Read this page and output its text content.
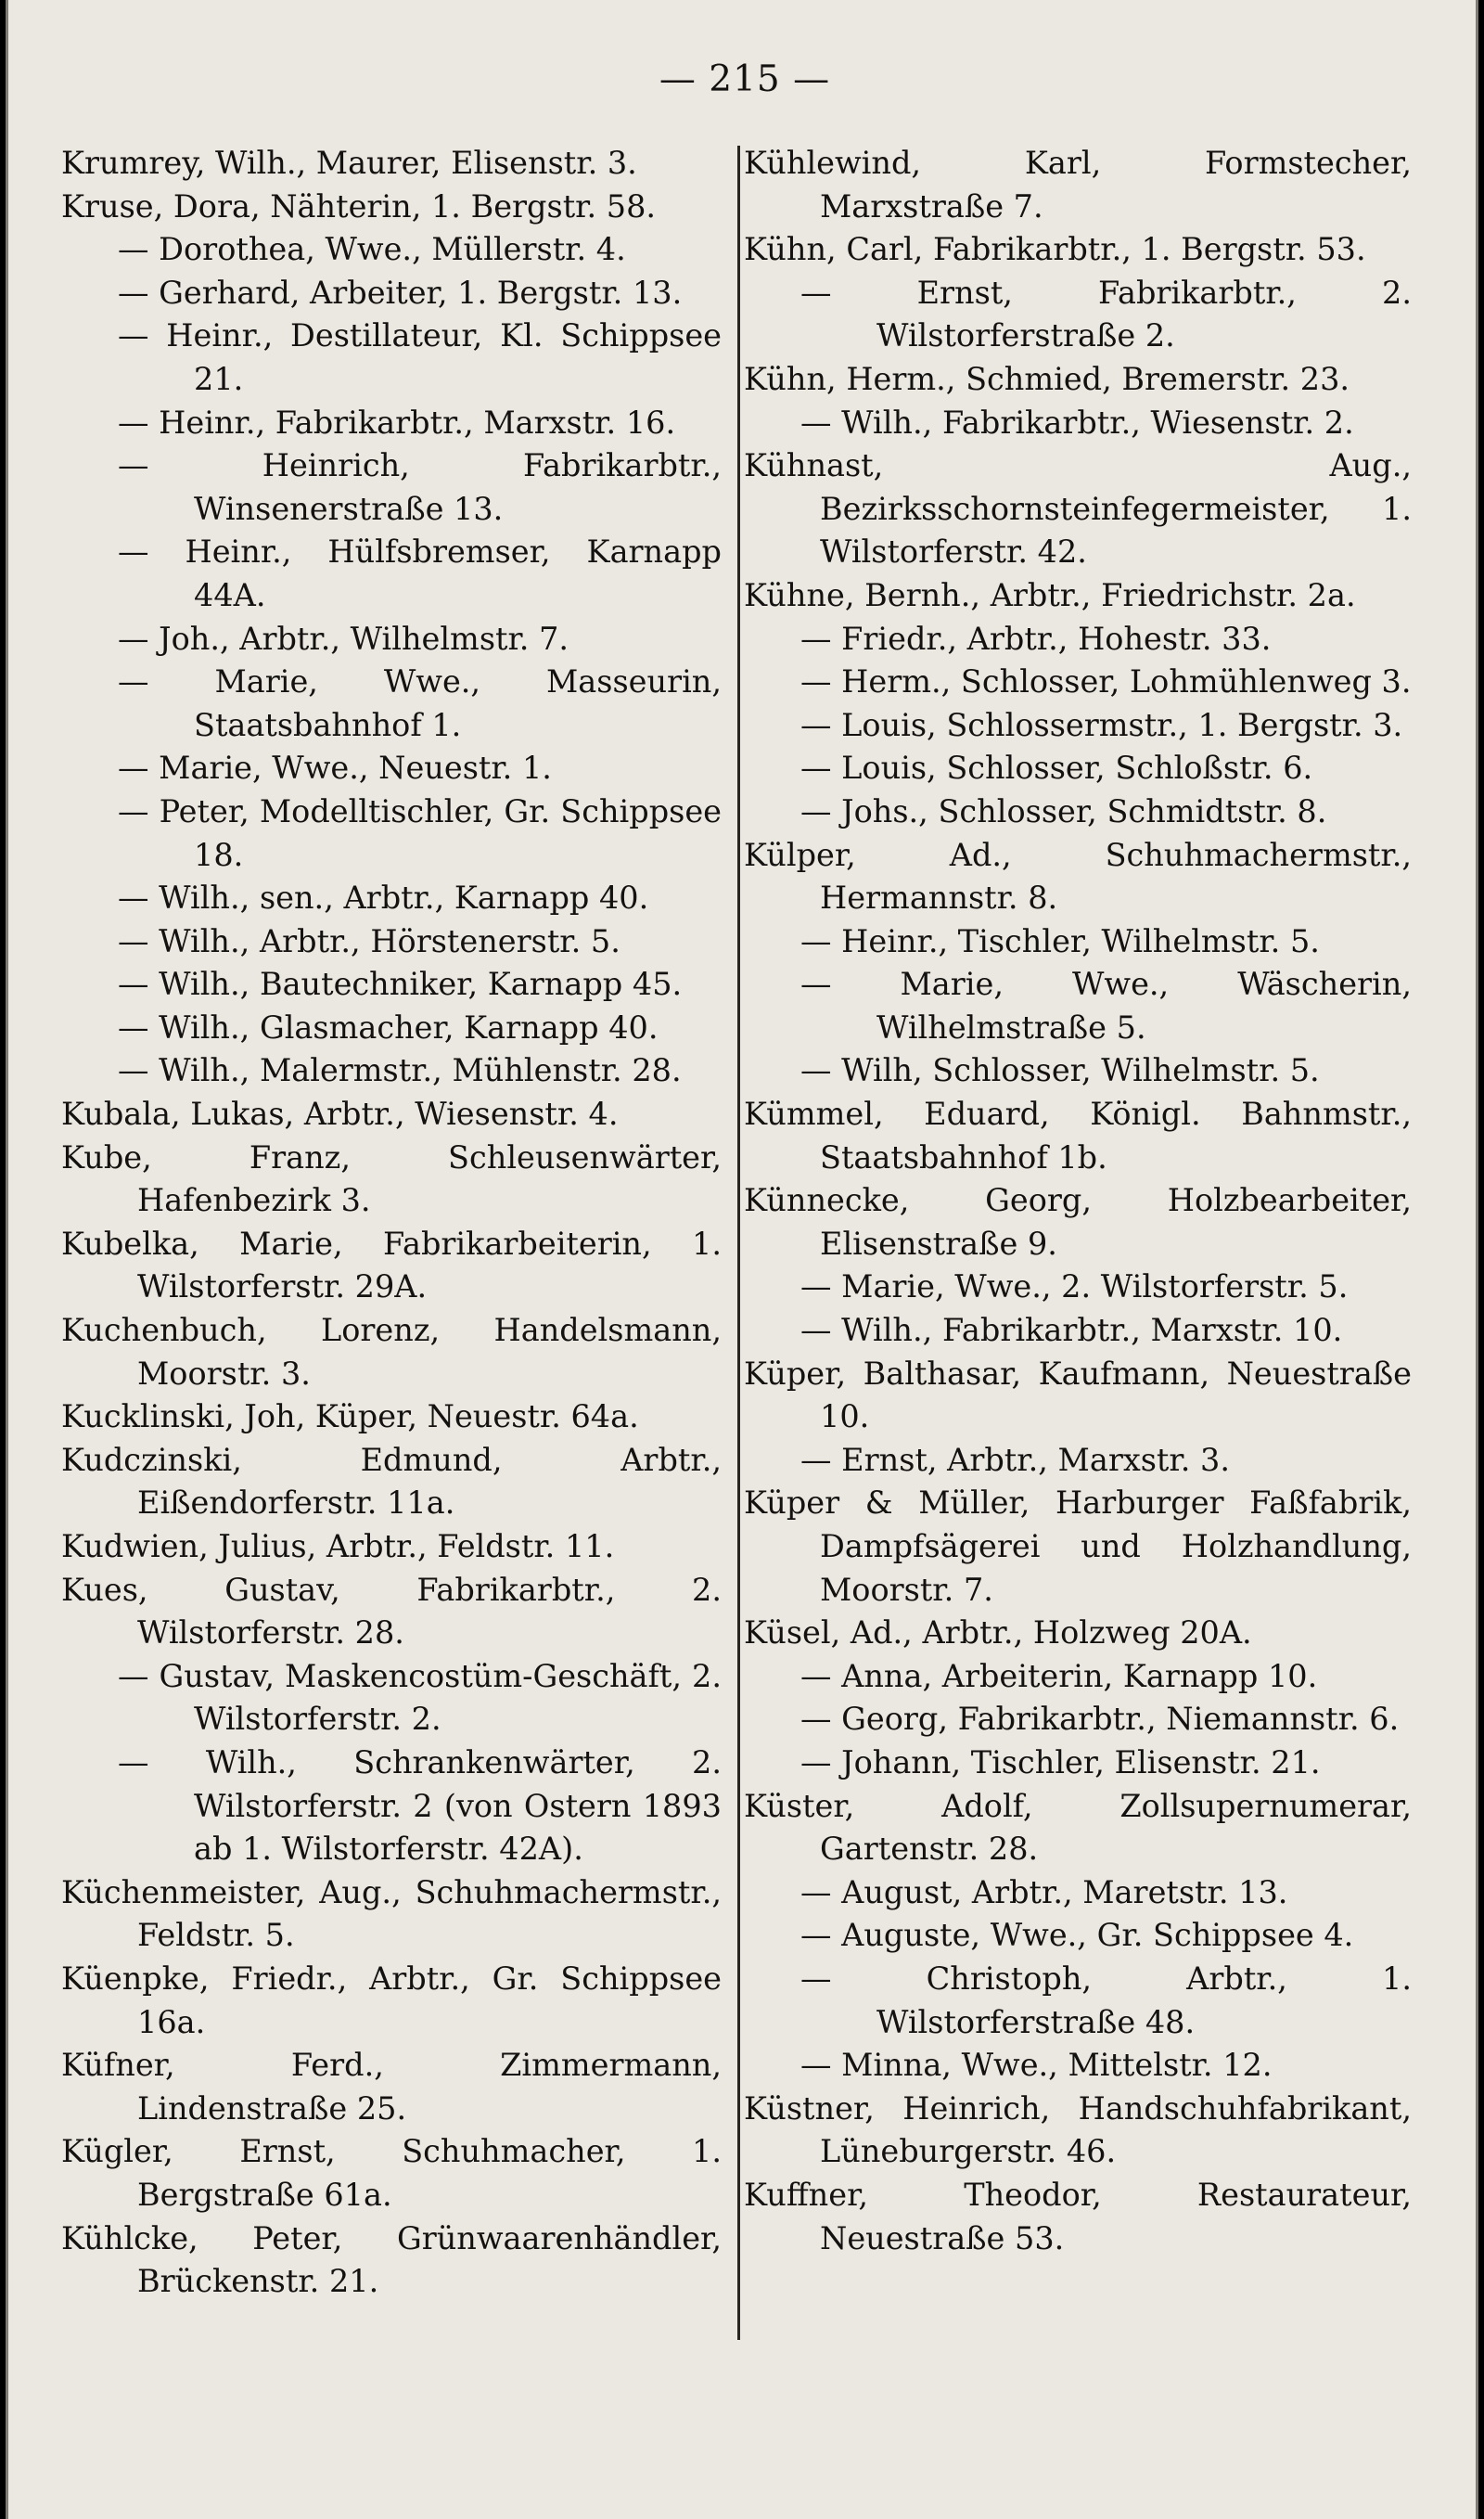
— 215 —
Krumrey, Wilh., Maurer, Elisenstr. 3.
Kruse, Dora, Nähterin, 1. Bergstr. 58.
— Dorothea, Wwe., Müllerstr. 4.
— Gerhard, Arbeiter, 1. Bergstr. 13.
— Heinr., Destillateur, Kl. Schippsee 21.
— Heinr., Fabrikarbtr., Marxstr. 16.
— Heinrich, Fabrikarbtr., Winsenerstraße 13.
— Heinr., Hülfsbremser, Karnapp 44A.
— Joh., Arbtr., Wilhelmstr. 7.
— Marie, Wwe., Masseurin, Staatsbahnhof 1.
— Marie, Wwe., Neuestr. 1.
— Peter, Modelltischler, Gr. Schippsee 18.
— Wilh., sen., Arbtr., Karnapp 40.
— Wilh., Arbtr., Hörstenerstr. 5.
— Wilh., Bautechniker, Karnapp 45.
— Wilh., Glasmacher, Karnapp 40.
— Wilh., Malermstr., Mühlenstr. 28.
Kubala, Lukas, Arbtr., Wiesenstr. 4.
Kube, Franz, Schleusenwärter, Hafenbezirk 3.
Kubelka, Marie, Fabrikarbeiterin, 1. Wilstorferstr. 29A.
Kuchenbuch, Lorenz, Handelsmann, Moorstr. 3.
Kucklinski, Joh, Küper, Neuestr. 64a.
Kudczinski, Edmund, Arbtr., Eißendorferstr. 11a.
Kudwien, Julius, Arbtr., Feldstr. 11.
Kues, Gustav, Fabrikarbtr., 2. Wilstorferstr. 28.
— Gustav, Maskencostüm-Geschäft, 2. Wilstorferstr. 2.
— Wilh., Schrankenwärter, 2. Wilstorferstr. 2 (von Ostern 1893 ab 1. Wilstorferstr. 42A).
Küchenmeister, Aug., Schuhmachermstr., Feldstr. 5.
Küenpke, Friedr., Arbtr., Gr. Schippsee 16a.
Küfner, Ferd., Zimmermann, Lindenstraße 25.
Kügler, Ernst, Schuhmacher, 1. Bergstraße 61a.
Kühlcke, Peter, Grünwaarenhändler, Brückenstr. 21.
Kühlewind, Karl, Formstecher, Marxstraße 7.
Kühn, Carl, Fabrikarbtr., 1. Bergstr. 53.
— Ernst, Fabrikarbtr., 2. Wilstorferstraße 2.
Kühn, Herm., Schmied, Bremerstr. 23.
— Wilh., Fabrikarbtr., Wiesenstr. 2.
Kühnast, Aug., Bezirksschornsteinfegermeister, 1. Wilstorferstr. 42.
Kühne, Bernh., Arbtr., Friedrichstr. 2a.
— Friedr., Arbtr., Hohestr. 33.
— Herm., Schlosser, Lohmühlenweg 3.
— Louis, Schlossermstr., 1. Bergstr. 3.
— Louis, Schlosser, Schloßstr. 6.
— Johs., Schlosser, Schmidtstr. 8.
Külper, Ad., Schuhmachermstr., Hermannstr. 8.
— Heinr., Tischler, Wilhelmstr. 5.
— Marie, Wwe., Wäscherin, Wilhelmstraße 5.
— Wilh, Schlosser, Wilhelmstr. 5.
Kümmel, Eduard, Königl. Bahnmstr., Staatsbahnhof 1b.
Künnecke, Georg, Holzbearbeiter, Elisenstraße 9.
— Marie, Wwe., 2. Wilstorferstr. 5.
— Wilh., Fabrikarbtr., Marxstr. 10.
Küper, Balthasar, Kaufmann, Neuestraße 10.
— Ernst, Arbtr., Marxstr. 3.
Küper & Müller, Harburger Faßfabrik, Dampfsägerei und Holzhandlung, Moorstr. 7.
Küsel, Ad., Arbtr., Holzweg 20A.
— Anna, Arbeiterin, Karnapp 10.
— Georg, Fabrikarbtr., Niemannstr. 6.
— Johann, Tischler, Elisenstr. 21.
Küster, Adolf, Zollsupernumerar, Gartenstr. 28.
— August, Arbtr., Maretstr. 13.
— Auguste, Wwe., Gr. Schippsee 4.
— Christoph, Arbtr., 1. Wilstorferstraße 48.
— Minna, Wwe., Mittelstr. 12.
Küstner, Heinrich, Handschuhfabrikant, Lüneburgerstr. 46.
Kuffner, Theodor, Restaurateur, Neuestraße 53.
